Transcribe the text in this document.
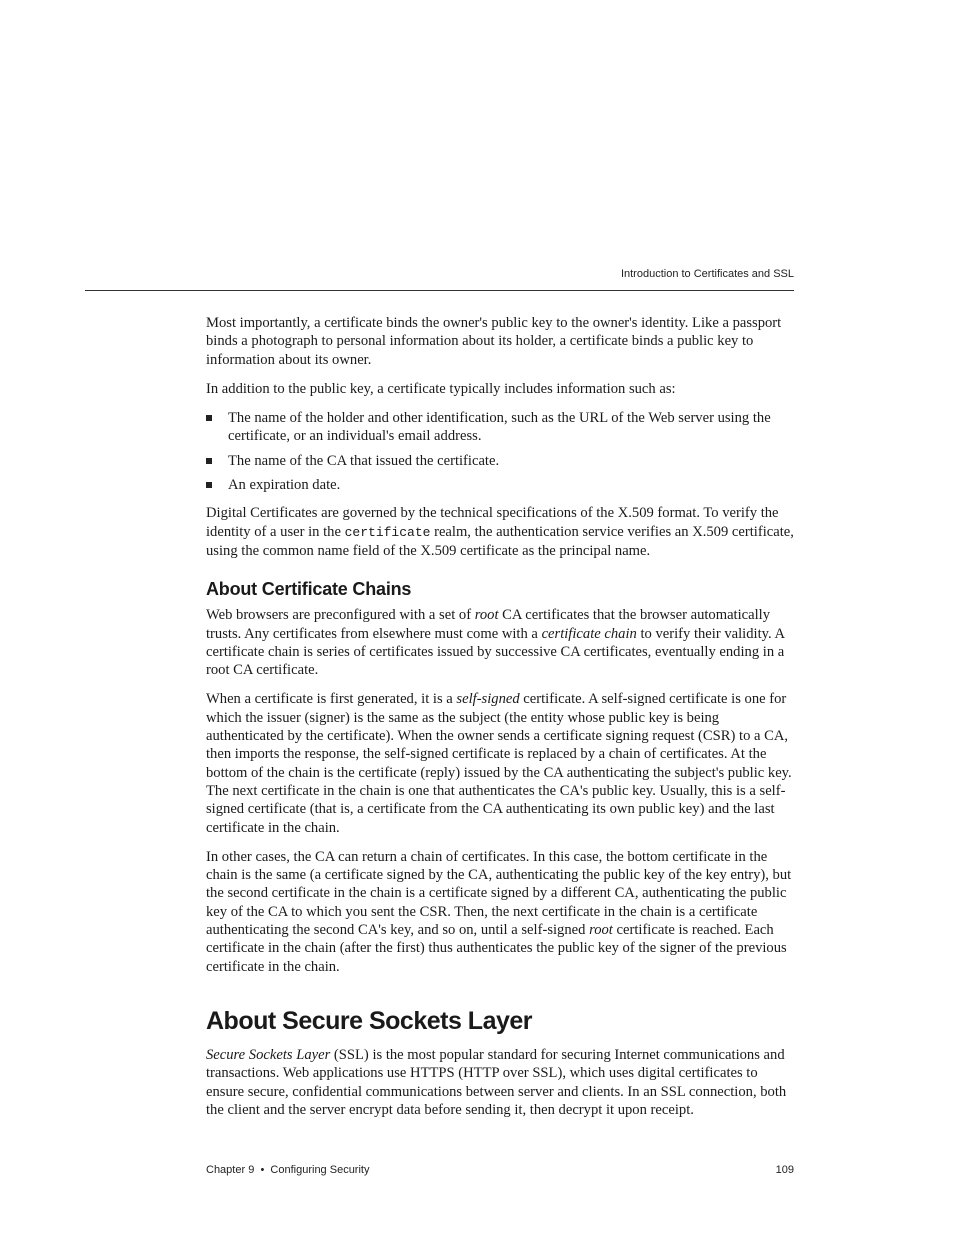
Introduction to Certificates and SSL

Most importantly, a certificate binds the owner's public key to the owner's identity. Like a passport binds a photograph to personal information about its holder, a certificate binds a public key to information about its owner.

In addition to the public key, a certificate typically includes information such as:

The name of the holder and other identification, such as the URL of the Web server using the certificate, or an individual's email address.
The name of the CA that issued the certificate.
An expiration date.

Digital Certificates are governed by the technical specifications of the X.509 format. To verify the identity of a user in the certificate realm, the authentication service verifies an X.509 certificate, using the common name field of the X.509 certificate as the principal name.

About Certificate Chains

Web browsers are preconfigured with a set of root CA certificates that the browser automatically trusts. Any certificates from elsewhere must come with a certificate chain to verify their validity. A certificate chain is series of certificates issued by successive CA certificates, eventually ending in a root CA certificate.

When a certificate is first generated, it is a self-signed certificate. A self-signed certificate is one for which the issuer (signer) is the same as the subject (the entity whose public key is being authenticated by the certificate). When the owner sends a certificate signing request (CSR) to a CA, then imports the response, the self-signed certificate is replaced by a chain of certificates. At the bottom of the chain is the certificate (reply) issued by the CA authenticating the subject's public key. The next certificate in the chain is one that authenticates the CA's public key. Usually, this is a self-signed certificate (that is, a certificate from the CA authenticating its own public key) and the last certificate in the chain.

In other cases, the CA can return a chain of certificates. In this case, the bottom certificate in the chain is the same (a certificate signed by the CA, authenticating the public key of the key entry), but the second certificate in the chain is a certificate signed by a different CA, authenticating the public key of the CA to which you sent the CSR. Then, the next certificate in the chain is a certificate authenticating the second CA's key, and so on, until a self-signed root certificate is reached. Each certificate in the chain (after the first) thus authenticates the public key of the signer of the previous certificate in the chain.

About Secure Sockets Layer

Secure Sockets Layer (SSL) is the most popular standard for securing Internet communications and transactions. Web applications use HTTPS (HTTP over SSL), which uses digital certificates to ensure secure, confidential communications between server and clients. In an SSL connection, both the client and the server encrypt data before sending it, then decrypt it upon receipt.

Chapter 9 • Configuring Security	109
